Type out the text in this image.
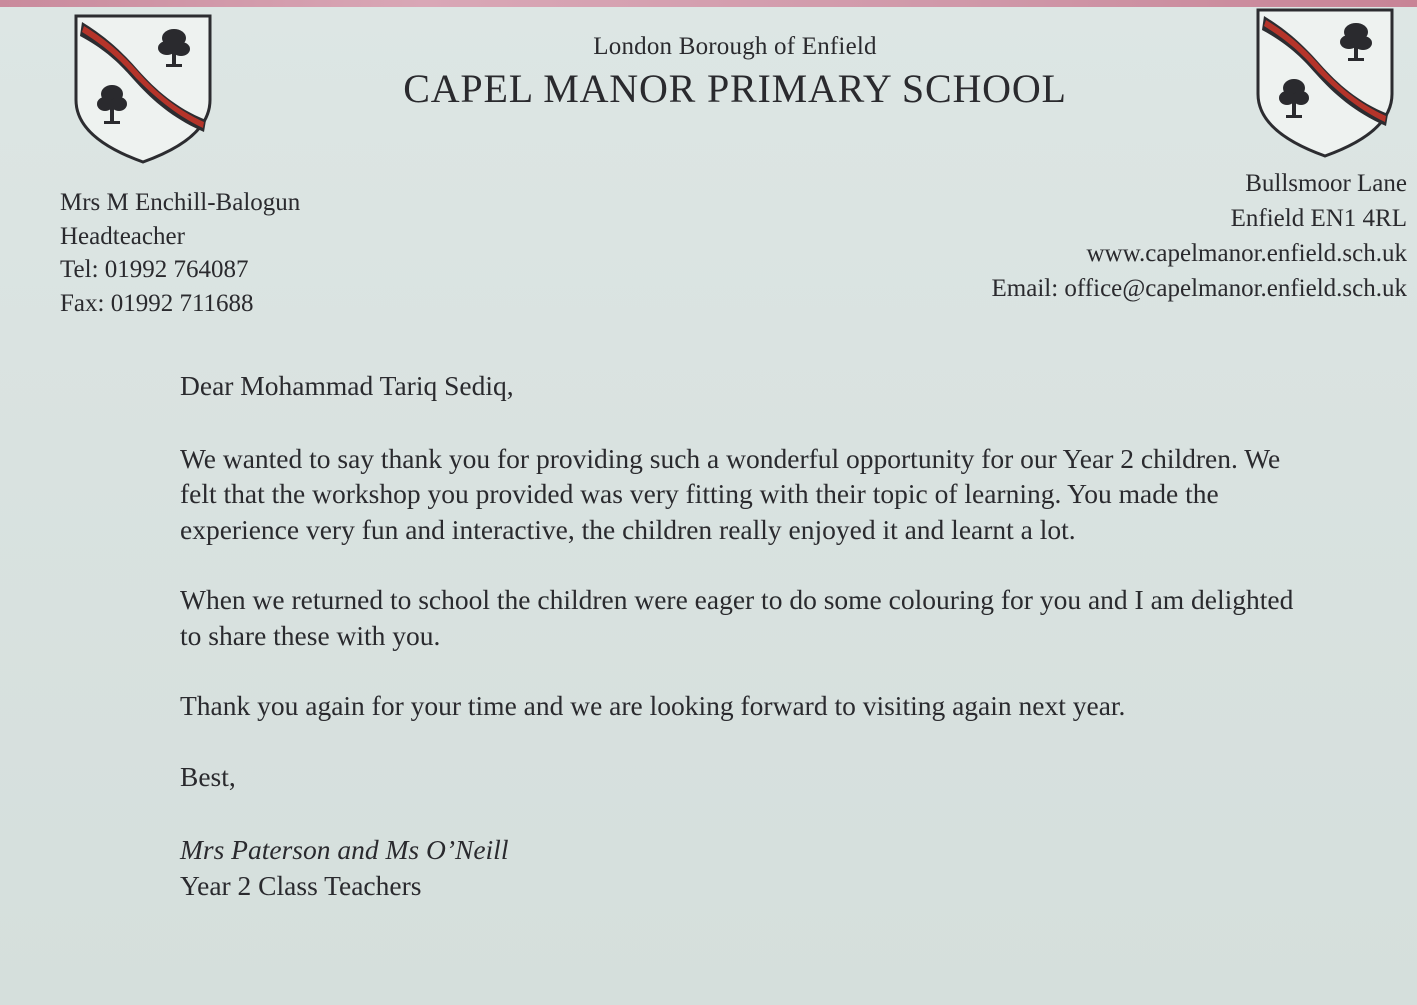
London Borough of Enfield
CAPEL MANOR PRIMARY SCHOOL
Mrs M Enchill-Balogun
Headteacher
Tel: 01992 764087
Fax: 01992 711688
Bullsmoor Lane
Enfield EN1 4RL
www.capelmanor.enfield.sch.uk
Email: office@capelmanor.enfield.sch.uk

Dear Mohammad Tariq Sediq,

We wanted to say thank you for providing such a wonderful opportunity for our Year 2 children. We felt that the workshop you provided was very fitting with their topic of learning. You made the experience very fun and interactive, the children really enjoyed it and learnt a lot.

When we returned to school the children were eager to do some colouring for you and I am delighted to share these with you.

Thank you again for your time and we are looking forward to visiting again next year.

Best,

Mrs Paterson and Ms O’Neill
Year 2 Class Teachers
